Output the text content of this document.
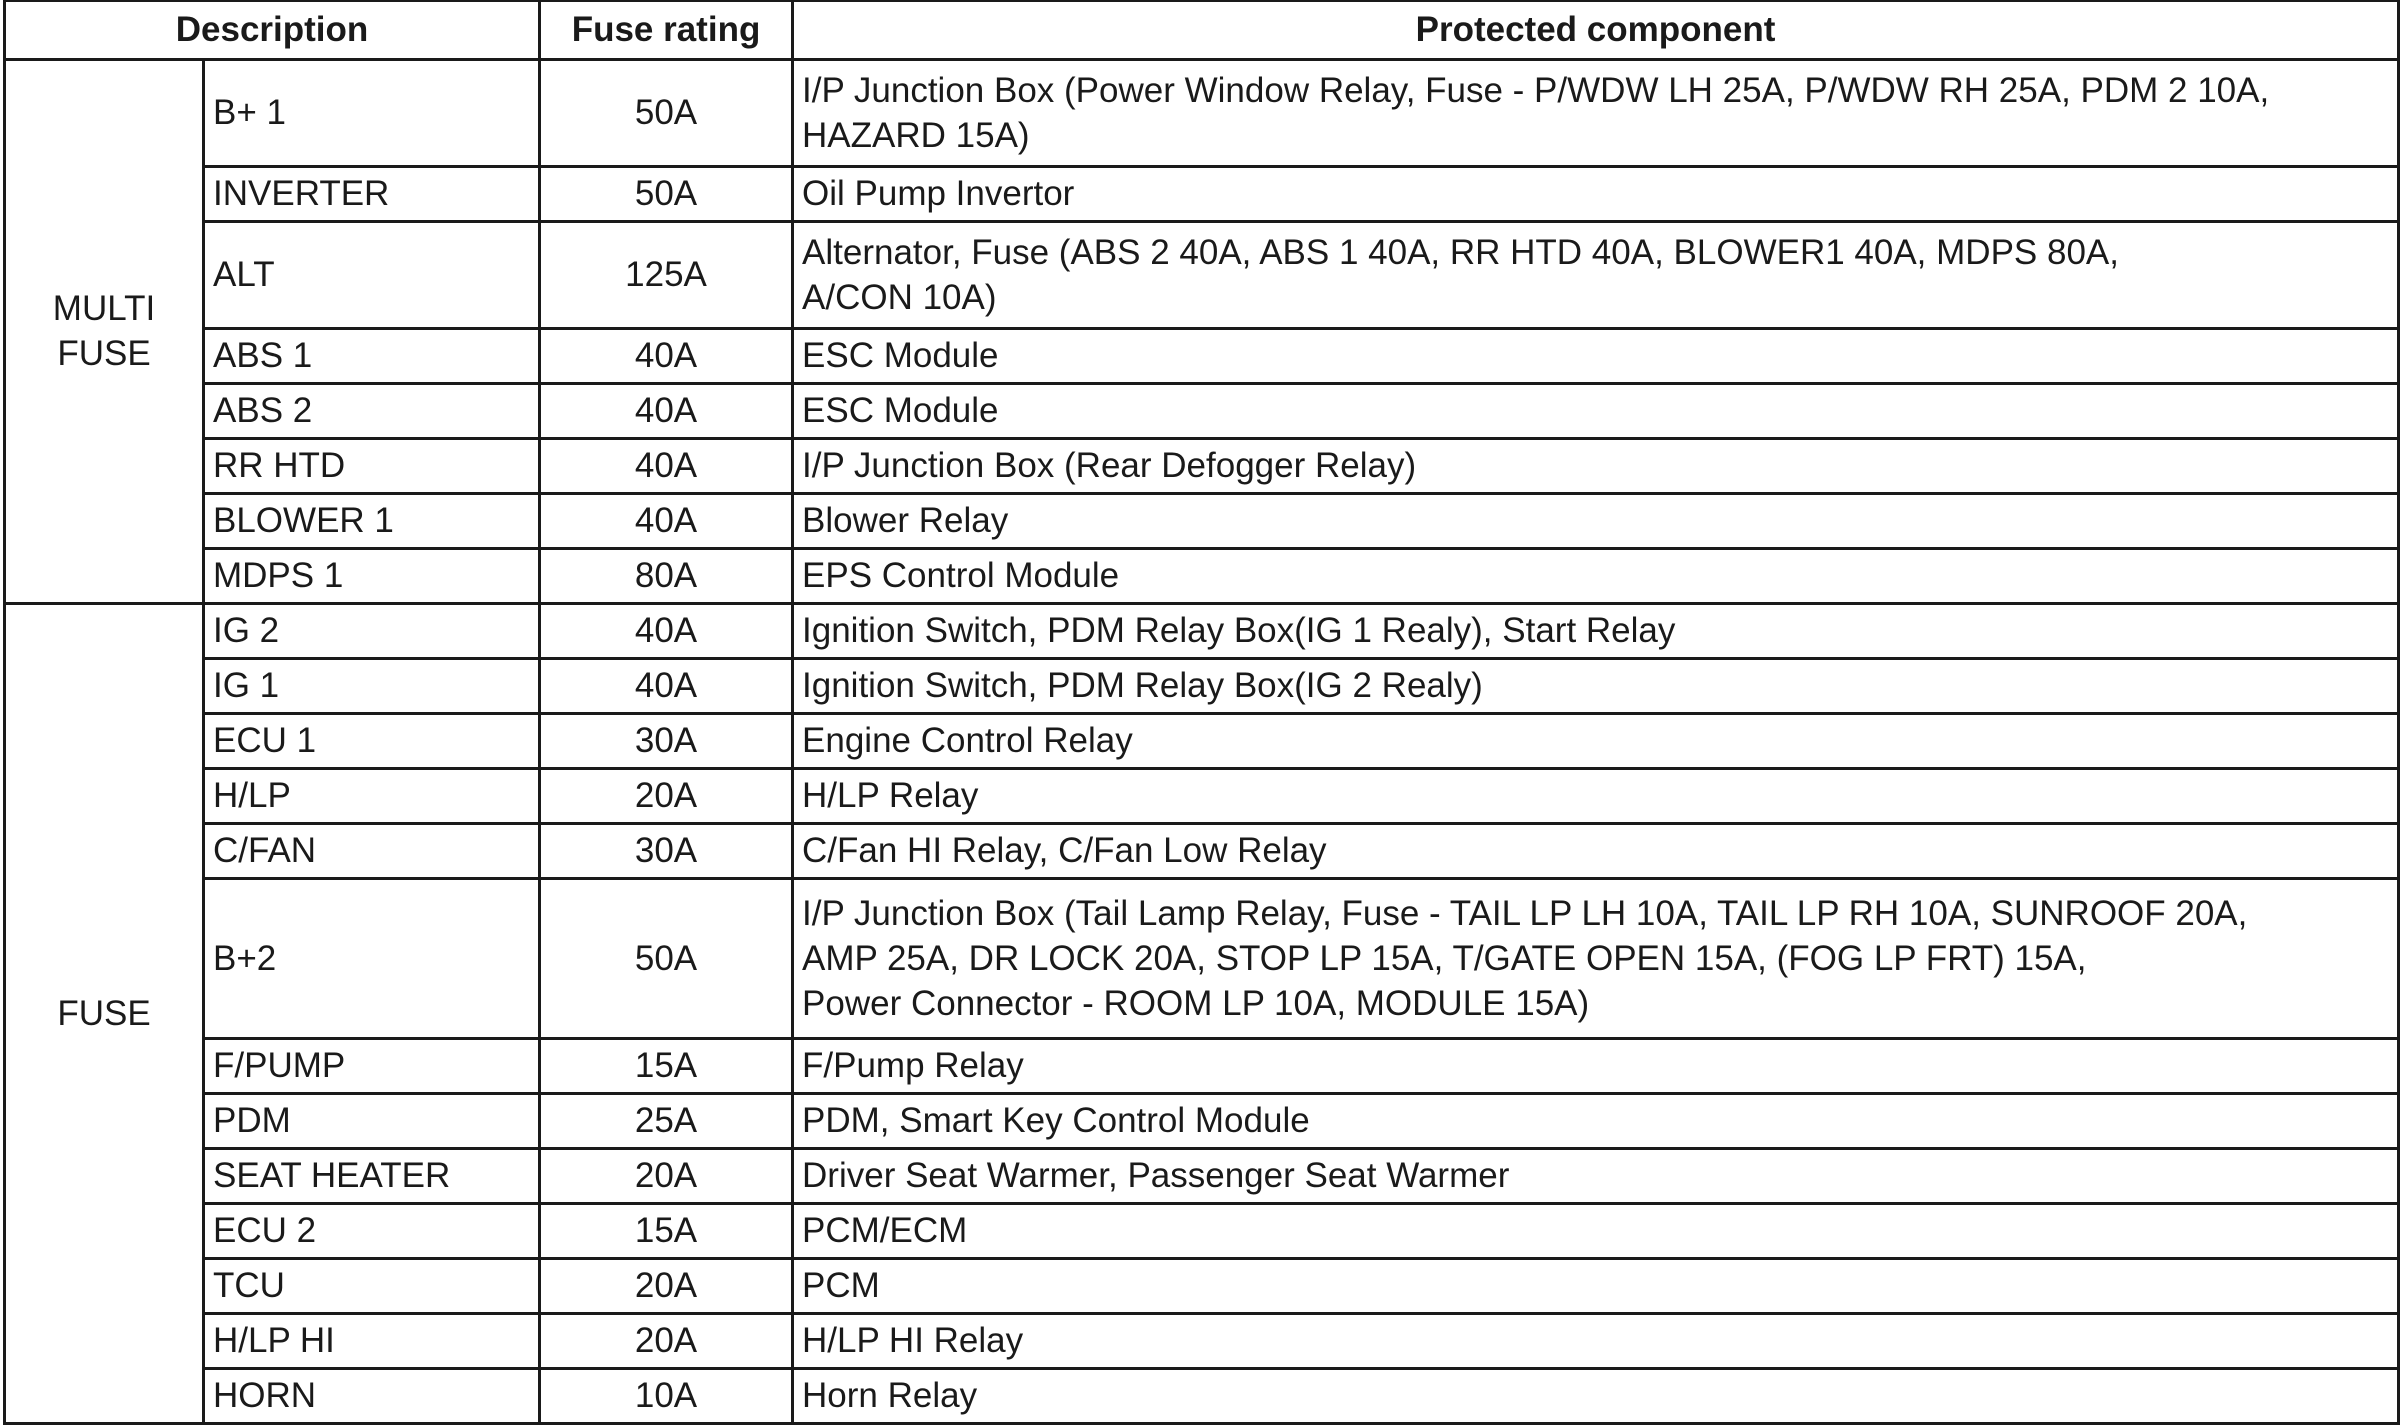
Description		Fuse rating	Protected component

MULTI
FUSE	B+ 1	50A	I/P Junction Box (Power Window Relay, Fuse - P/WDW LH 25A, P/WDW RH 25A, PDM 2 10A,
HAZARD 15A)

	INVERTER	50A	Oil Pump Invertor

	ALT	125A	Alternator, Fuse (ABS 2 40A, ABS 1 40A, RR HTD 40A, BLOWER1 40A, MDPS 80A,
A/CON 10A)

	ABS 1	40A	ESC Module

	ABS 2	40A	ESC Module

	RR HTD	40A	I/P Junction Box (Rear Defogger Relay)

	BLOWER 1	40A	Blower Relay

	MDPS 1	80A	EPS Control Module

FUSE	IG 2	40A	Ignition Switch, PDM Relay Box(IG 1 Realy), Start Relay

	IG 1	40A	Ignition Switch, PDM Relay Box(IG 2 Realy)

	ECU 1	30A	Engine Control Relay

	H/LP	20A	H/LP Relay

	C/FAN	30A	C/Fan HI Relay, C/Fan Low Relay

	B+2	50A	I/P Junction Box (Tail Lamp Relay, Fuse - TAIL LP LH 10A, TAIL LP RH 10A, SUNROOF 20A,
AMP 25A, DR LOCK 20A, STOP LP 15A, T/GATE OPEN 15A, (FOG LP FRT) 15A,
Power Connector - ROOM LP 10A, MODULE 15A)

	F/PUMP	15A	F/Pump Relay

	PDM	25A	PDM, Smart Key Control Module

	SEAT HEATER	20A	Driver Seat Warmer, Passenger Seat Warmer

	ECU 2	15A	PCM/ECM

	TCU	20A	PCM

	H/LP HI	20A	H/LP HI Relay

	HORN	10A	Horn Relay
